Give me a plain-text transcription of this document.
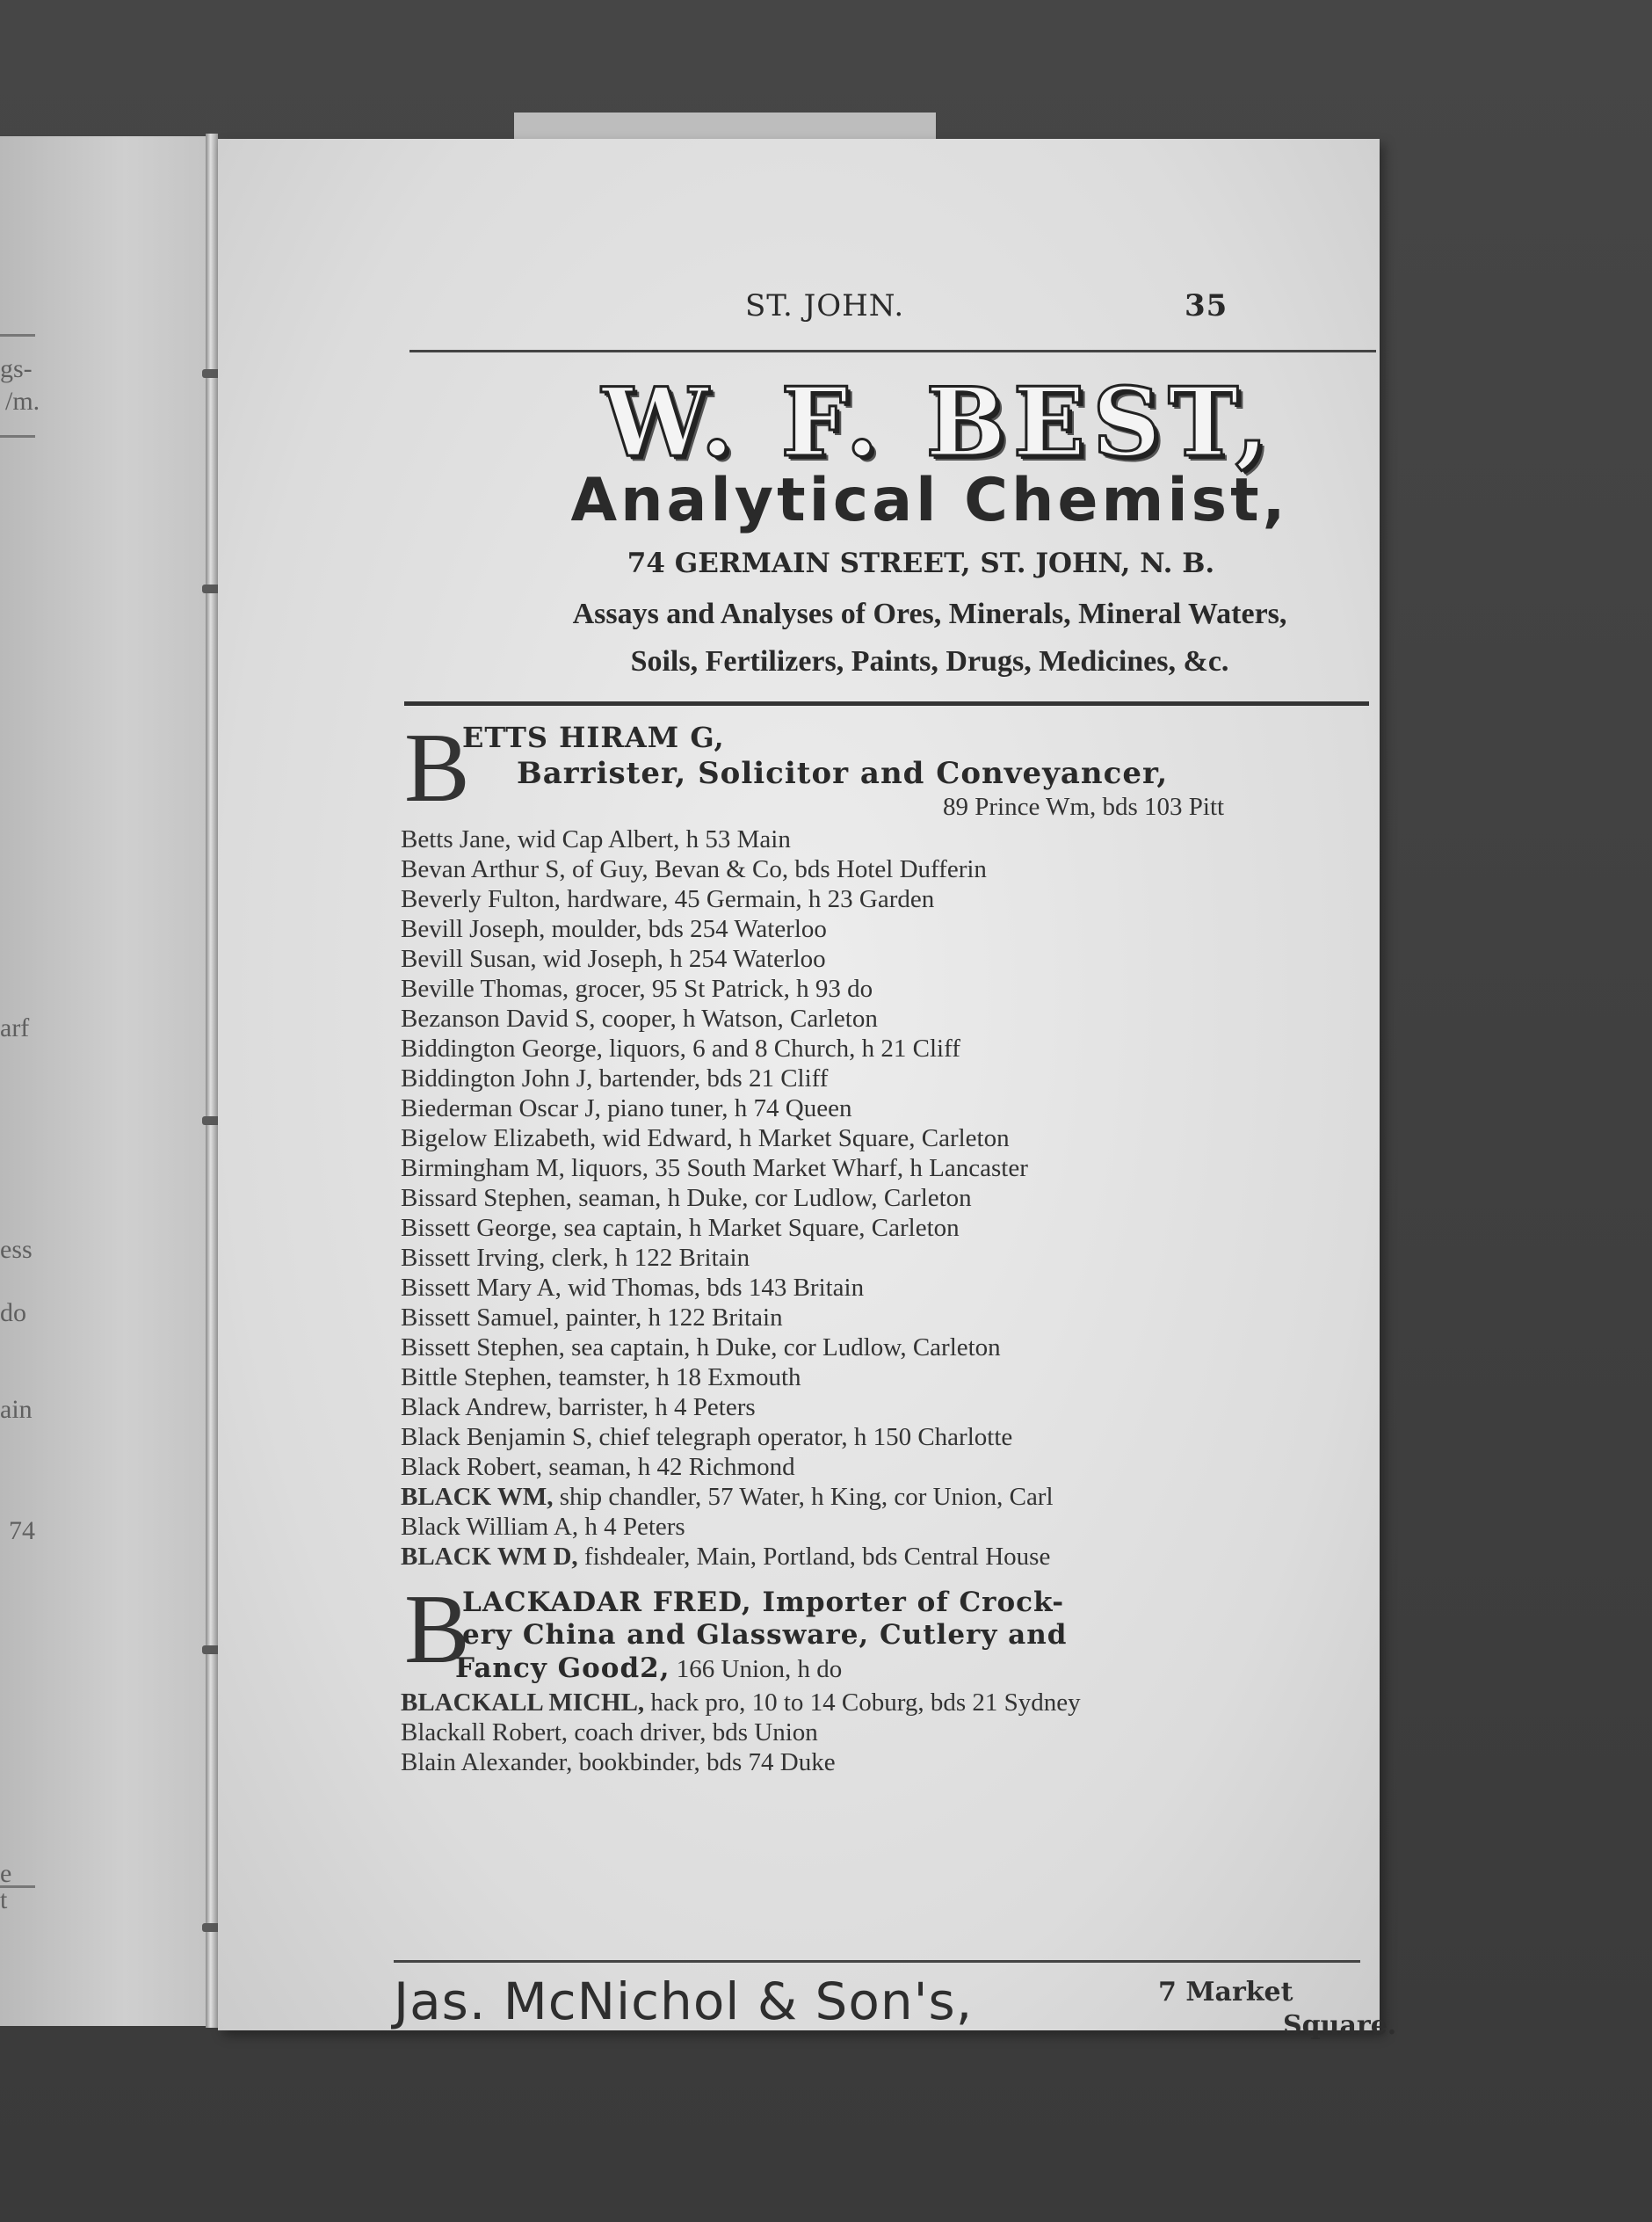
gs-
/m.
arf
ess
do
ain
74
e
t
ST. JOHN.	35
W. F. BEST,
Analytical Chemist,
74 GERMAIN STREET, ST. JOHN, N. B.
Assays and Analyses of Ores, Minerals, Mineral Waters,
Soils, Fertilizers, Paints, Drugs, Medicines, &c.
B
ETTS HIRAM G,
Barrister, Solicitor and Conveyancer,
89 Prince Wm, bds 103 Pitt
Betts Jane, wid Cap Albert, h 53 Main
Bevan Arthur S, of Guy, Bevan & Co, bds Hotel Dufferin
Beverly Fulton, hardware, 45 Germain, h 23 Garden
Bevill Joseph, moulder, bds 254 Waterloo
Bevill Susan, wid Joseph, h 254 Waterloo
Beville Thomas, grocer, 95 St Patrick, h 93 do
Bezanson David S, cooper, h Watson, Carleton
Biddington George, liquors, 6 and 8 Church, h 21 Cliff
Biddington John J, bartender, bds 21 Cliff
Biederman Oscar J, piano tuner, h 74 Queen
Bigelow Elizabeth, wid Edward, h Market Square, Carleton
Birmingham M, liquors, 35 South Market Wharf, h Lancaster
Bissard Stephen, seaman, h Duke, cor Ludlow, Carleton
Bissett George, sea captain, h Market Square, Carleton
Bissett Irving, clerk, h 122 Britain
Bissett Mary A, wid Thomas, bds 143 Britain
Bissett Samuel, painter, h 122 Britain
Bissett Stephen, sea captain, h Duke, cor Ludlow, Carleton
Bittle Stephen, teamster, h 18 Exmouth
Black Andrew, barrister, h 4 Peters
Black Benjamin S, chief telegraph operator, h 150 Charlotte
Black Robert, seaman, h 42 Richmond
BLACK WM, ship chandler, 57 Water, h King, cor Union, Carl
Black William A, h 4 Peters
BLACK WM D, fishdealer, Main, Portland, bds Central House
B
LACKADAR FRED, Importer of Crock-
ery China and Glassware, Cutlery and
Fancy Good2, 166 Union, h do
BLACKALL MICHL, hack pro, 10 to 14 Coburg, bds 21 Sydney
Blackall Robert, coach driver, bds Union
Blain Alexander, bookbinder, bds 74 Duke
Jas. McNichol & Son's,	7 Market
Square.
